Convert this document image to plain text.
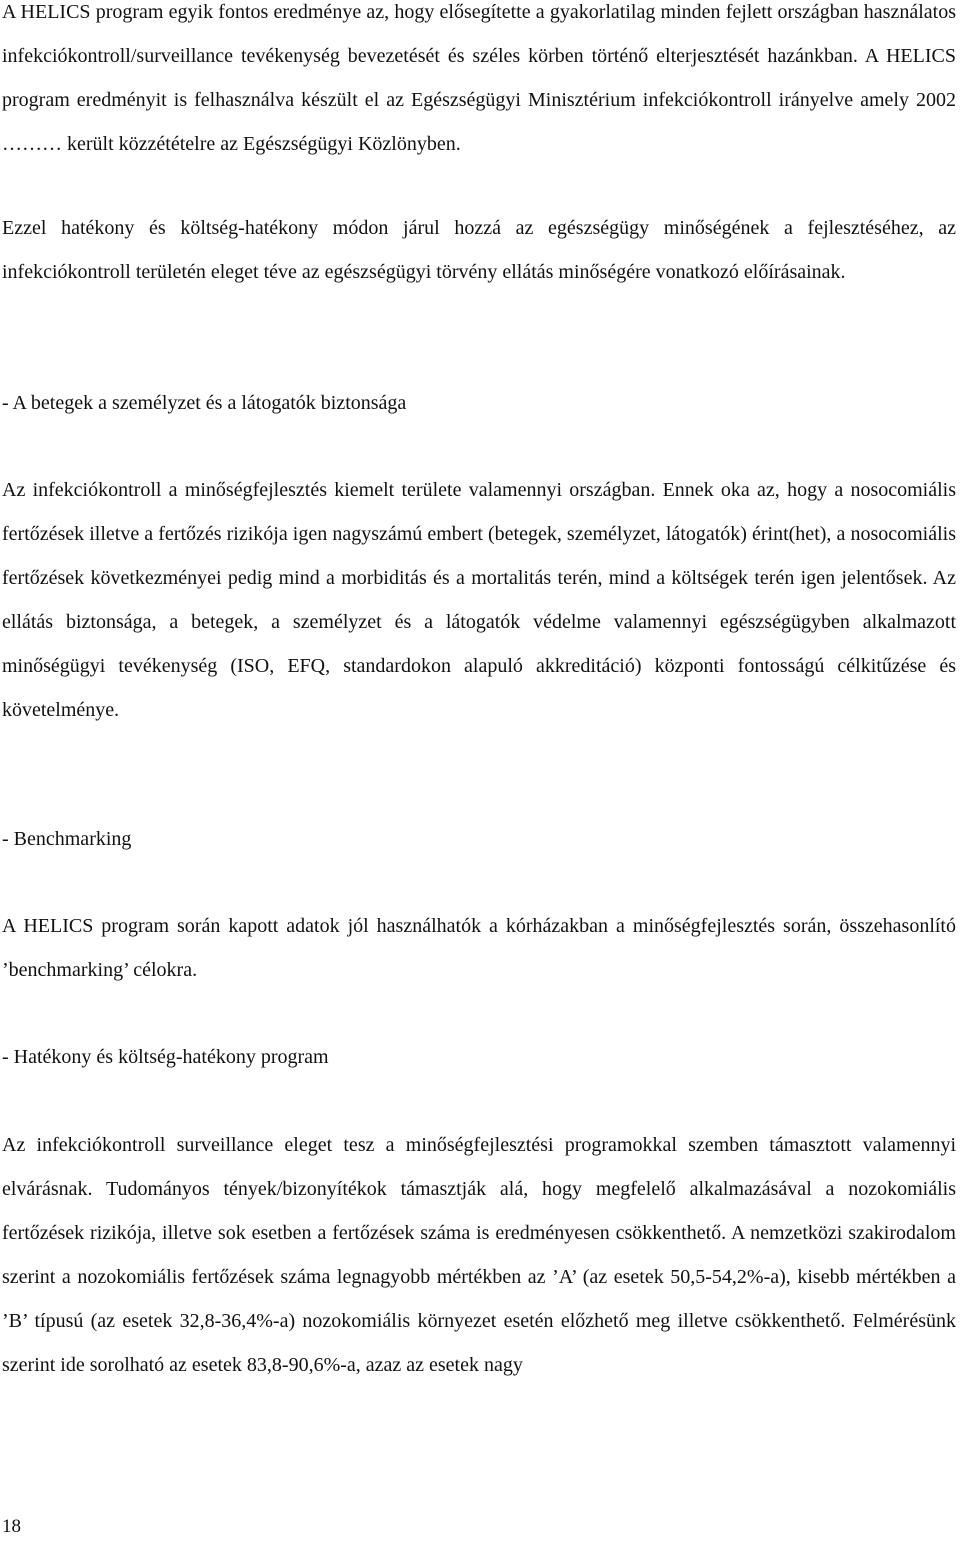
A HELICS program egyik fontos eredménye az, hogy elősegítette a gyakorlatilag minden fejlett országban használatos infekciókontroll/surveillance tevékenység bevezetését és széles körben történő elterjesztését hazánkban. A HELICS program eredményit is felhasználva készült el az Egészségügyi Minisztérium infekciókontroll irányelve amely 2002 ……… került közzétételre az Egészségügyi Közlönyben.

Ezzel hatékony és költség-hatékony módon járul hozzá az egészségügy minőségének a fejlesztéséhez, az infekciókontroll területén eleget téve az egészségügyi törvény ellátás minőségére vonatkozó előírásainak.

- A betegek a személyzet és a látogatók biztonsága

Az infekciókontroll a minőségfejlesztés kiemelt területe valamennyi országban. Ennek oka az, hogy a nosocomiális fertőzések illetve a fertőzés rizikója igen nagyszámú embert (betegek, személyzet, látogatók) érint(het), a nosocomiális fertőzések következményei pedig mind a morbiditás és a mortalitás terén, mind a költségek terén igen jelentősek. Az ellátás biztonsága, a betegek, a személyzet és a látogatók védelme valamennyi egészségügyben alkalmazott minőségügyi tevékenység (ISO, EFQ, standardokon alapuló akkreditáció) központi fontosságú célkitűzése és követelménye.

- Benchmarking

A HELICS program során kapott adatok jól használhatók a kórházakban a minőségfejlesztés során, összehasonlító ’benchmarking’ célokra.

- Hatékony és költség-hatékony program

Az infekciókontroll surveillance eleget tesz a minőségfejlesztési programokkal szemben támasztott valamennyi elvárásnak. Tudományos tények/bizonyítékok támasztják alá, hogy megfelelő alkalmazásával a nozokomiális fertőzések rizikója, illetve sok esetben a fertőzések száma is eredményesen csökkenthető. A nemzetközi szakirodalom szerint a nozokomiális fertőzések száma legnagyobb mértékben az ’A’ (az esetek 50,5-54,2%-a), kisebb mértékben a ’B’ típusú (az esetek 32,8-36,4%-a) nozokomiális környezet esetén előzhető meg illetve csökkenthető. Felmérésünk szerint ide sorolható az esetek 83,8-90,6%-a, azaz az esetek nagy

18
